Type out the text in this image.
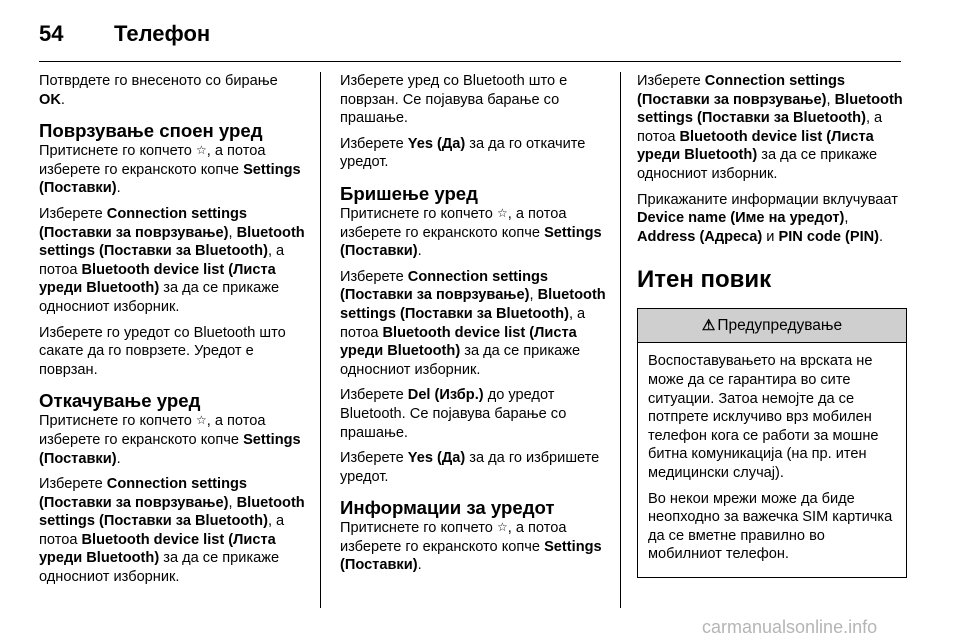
54	Телефон

Потврдете го внесеното со бирање OK.

Поврзување споен уред

Притиснете го копчето ☆, а потоа изберете го екранското копче Settings (Поставки).

Изберете Connection settings (Поставки за поврзување), Bluetooth settings (Поставки за Bluetooth), а потоа Bluetooth device list (Листа уреди Bluetooth) за да се прикаже односниот изборник.

Изберете го уредот со Bluetooth што сакате да го поврзете. Уредот е поврзан.

Откачување уред

Притиснете го копчето ☆, а потоа изберете го екранското копче Settings (Поставки).

Изберете Connection settings (Поставки за поврзување), Bluetooth settings (Поставки за Bluetooth), а потоа Bluetooth device list (Листа уреди Bluetooth) за да се прикаже односниот изборник.

Изберете уред со Bluetooth што е поврзан. Се појавува барање со прашање.

Изберете Yes (Да) за да го откачите уредот.

Бришење уред

Притиснете го копчето ☆, а потоа изберете го екранското копче Settings (Поставки).

Изберете Connection settings (Поставки за поврзување), Bluetooth settings (Поставки за Bluetooth), а потоа Bluetooth device list (Листа уреди Bluetooth) за да се прикаже односниот изборник.

Изберете Del (Избр.) до уредот Bluetooth. Се појавува барање со прашање.

Изберете Yes (Да) за да го избришете уредот.

Информации за уредот

Притиснете го копчето ☆, а потоа изберете го екранското копче Settings (Поставки).

Изберете Connection settings (Поставки за поврзување), Bluetooth settings (Поставки за Bluetooth), а потоа Bluetooth device list (Листа уреди Bluetooth) за да се прикаже односниот изборник.

Прикажаните информации вклучуваат Device name (Име на уредот), Address (Адреса) и PIN code (PIN).

Итен повик
⚠ Предупредување

Воспоставувањето на врската не може да се гарантира во сите ситуации. Затоа немојте да се потпрете исклучиво врз мобилен телефон кога се работи за мошне битна комуникација (на пр. итен медицински случај).

Во некои мрежи може да биде неопходно за важечка SIM картичка да се вметне правилно во мобилниот телефон.

carmanualsonline.info
